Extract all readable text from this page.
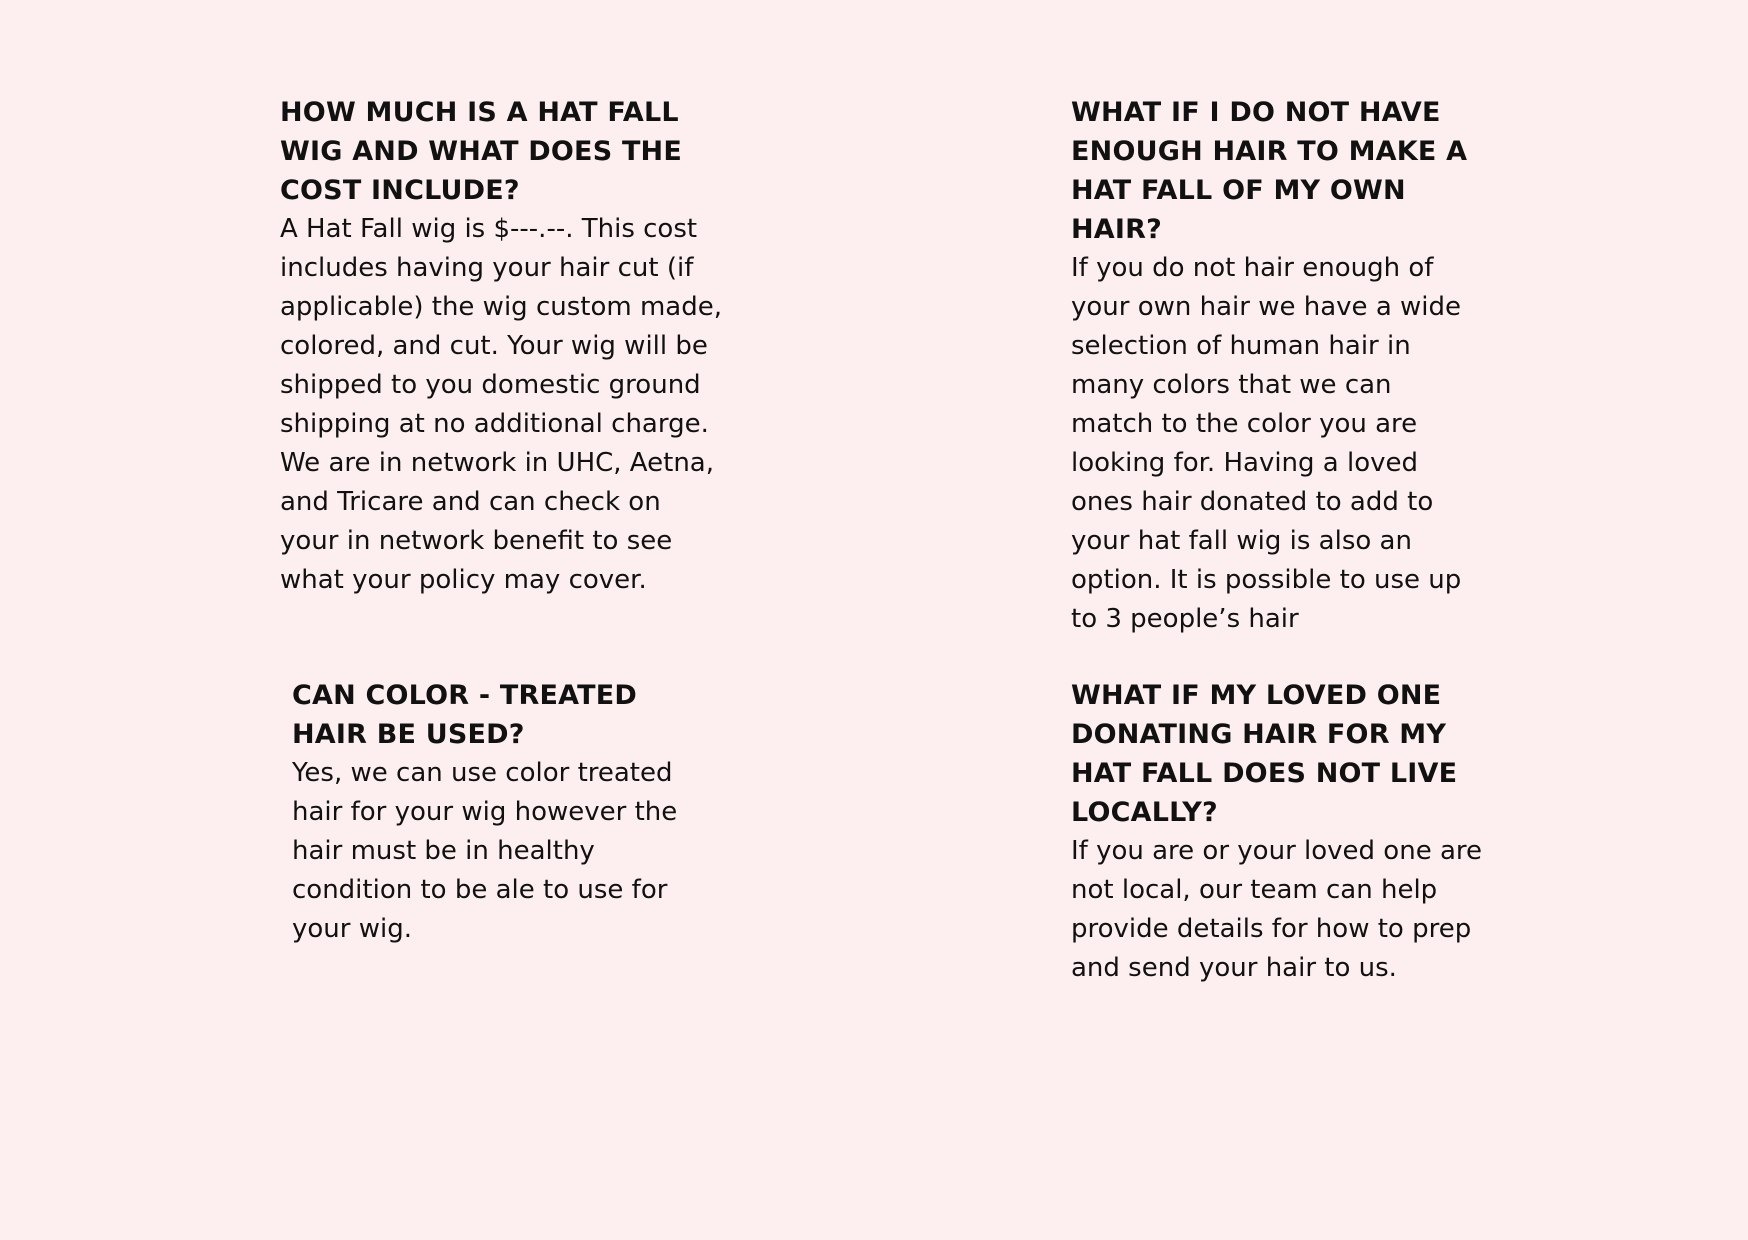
HOW MUCH IS A HAT FALL
WIG AND WHAT DOES THE
COST INCLUDE?

A Hat Fall wig is $---.--. This cost
includes having your hair cut (if
applicable) the wig custom made,
colored, and cut. Your wig will be
shipped to you domestic ground
shipping at no additional charge.
We are in network in UHC, Aetna,
and Tricare and can check on
your in network benefit to see
what your policy may cover.

WHAT IF I DO NOT HAVE
ENOUGH HAIR TO MAKE A
HAT FALL OF MY OWN
HAIR?

If you do not hair enough of
your own hair we have a wide
selection of human hair in
many colors that we can
match to the color you are
looking for. Having a loved
ones hair donated to add to
your hat fall wig is also an
option. It is possible to use up
to 3 people’s hair

CAN COLOR - TREATED
HAIR BE USED?

Yes, we can use color treated
hair for your wig however the
hair must be in healthy
condition to be ale to use for
your wig.

WHAT IF MY LOVED ONE
DONATING HAIR FOR MY
HAT FALL DOES NOT LIVE
LOCALLY?

If you are or your loved one are
not local, our team can help
provide details for how to prep
and send your hair to us.
